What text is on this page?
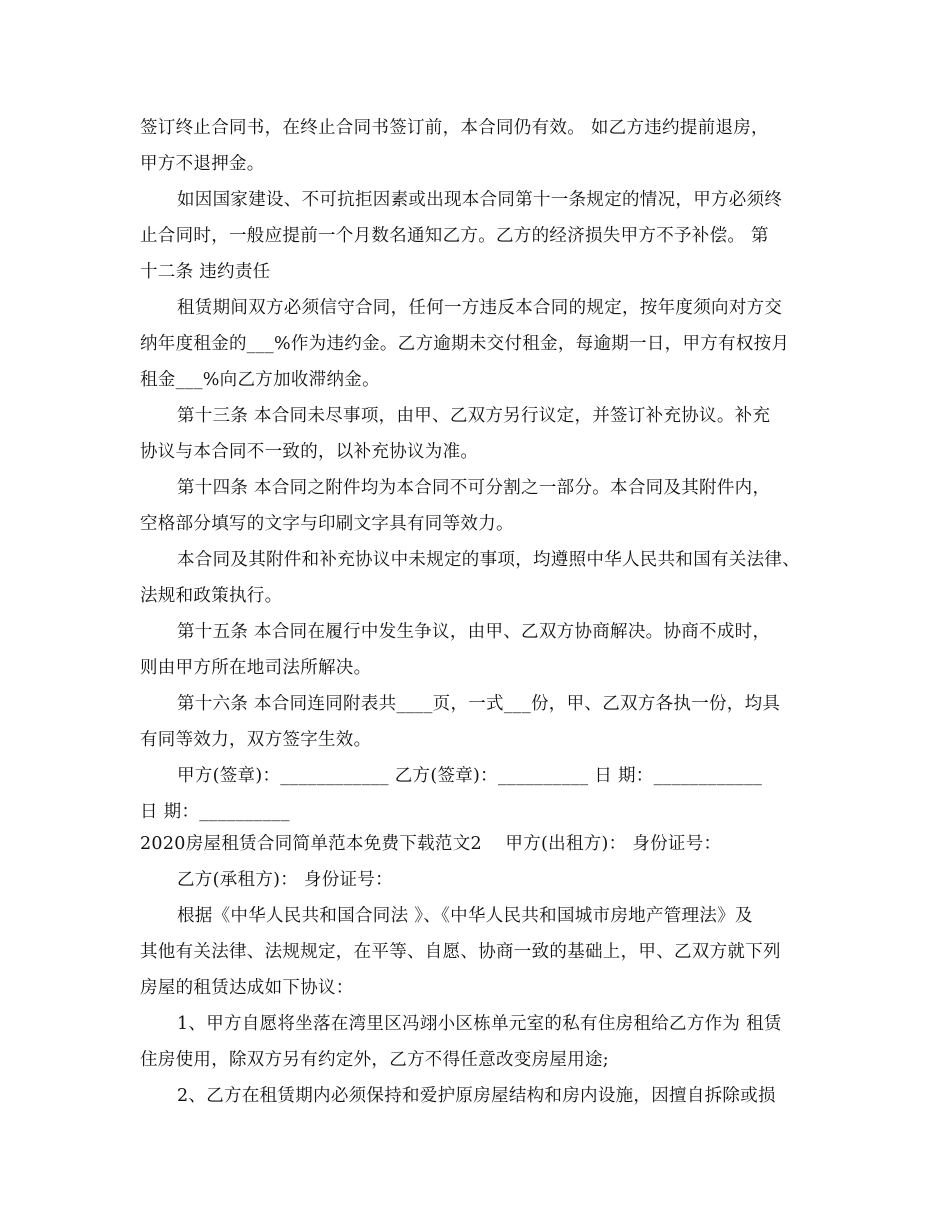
签订终止合同书，在终止合同书签订前，本合同仍有效。 如乙方违约提前退房，
甲方不退押金。
如因国家建设、不可抗拒因素或出现本合同第十一条规定的情况，甲方必须终
止合同时，一般应提前一个月数名通知乙方。乙方的经济损失甲方不予补偿。 第
十二条 违约责任
租赁期间双方必须信守合同，任何一方违反本合同的规定，按年度须向对方交
纳年度租金的___%作为违约金。乙方逾期未交付租金，每逾期一日，甲方有权按月
租金___%向乙方加收滞纳金。
第十三条 本合同未尽事项，由甲、乙双方另行议定，并签订补充协议。补充
协议与本合同不一致的，以补充协议为准。
第十四条 本合同之附件均为本合同不可分割之一部分。本合同及其附件内，
空格部分填写的文字与印刷文字具有同等效力。
本合同及其附件和补充协议中未规定的事项，均遵照中华人民共和国有关法律、
法规和政策执行。
第十五条 本合同在履行中发生争议，由甲、乙双方协商解决。协商不成时，
则由甲方所在地司法所解决。
第十六条 本合同连同附表共____页，一式___份，甲、乙双方各执一份，均具
有同等效力，双方签字生效。
甲方(签章)：____________ 乙方(签章)：__________ 日 期：____________
日 期：__________
2020房屋租赁合同简单范本免费下载范文2    甲方(出租方)： 身份证号：
乙方(承租方)： 身份证号：
根据《中华人民共和国合同法 》、《中华人民共和国城市房地产管理法》及
其他有关法律、法规规定，在平等、自愿、协商一致的基础上，甲、乙双方就下列
房屋的租赁达成如下协议：
1、甲方自愿将坐落在湾里区冯翊小区栋单元室的私有住房租给乙方作为 租赁
住房使用，除双方另有约定外，乙方不得任意改变房屋用途;
2、乙方在租赁期内必须保持和爱护原房屋结构和房内设施，因擅自拆除或损
